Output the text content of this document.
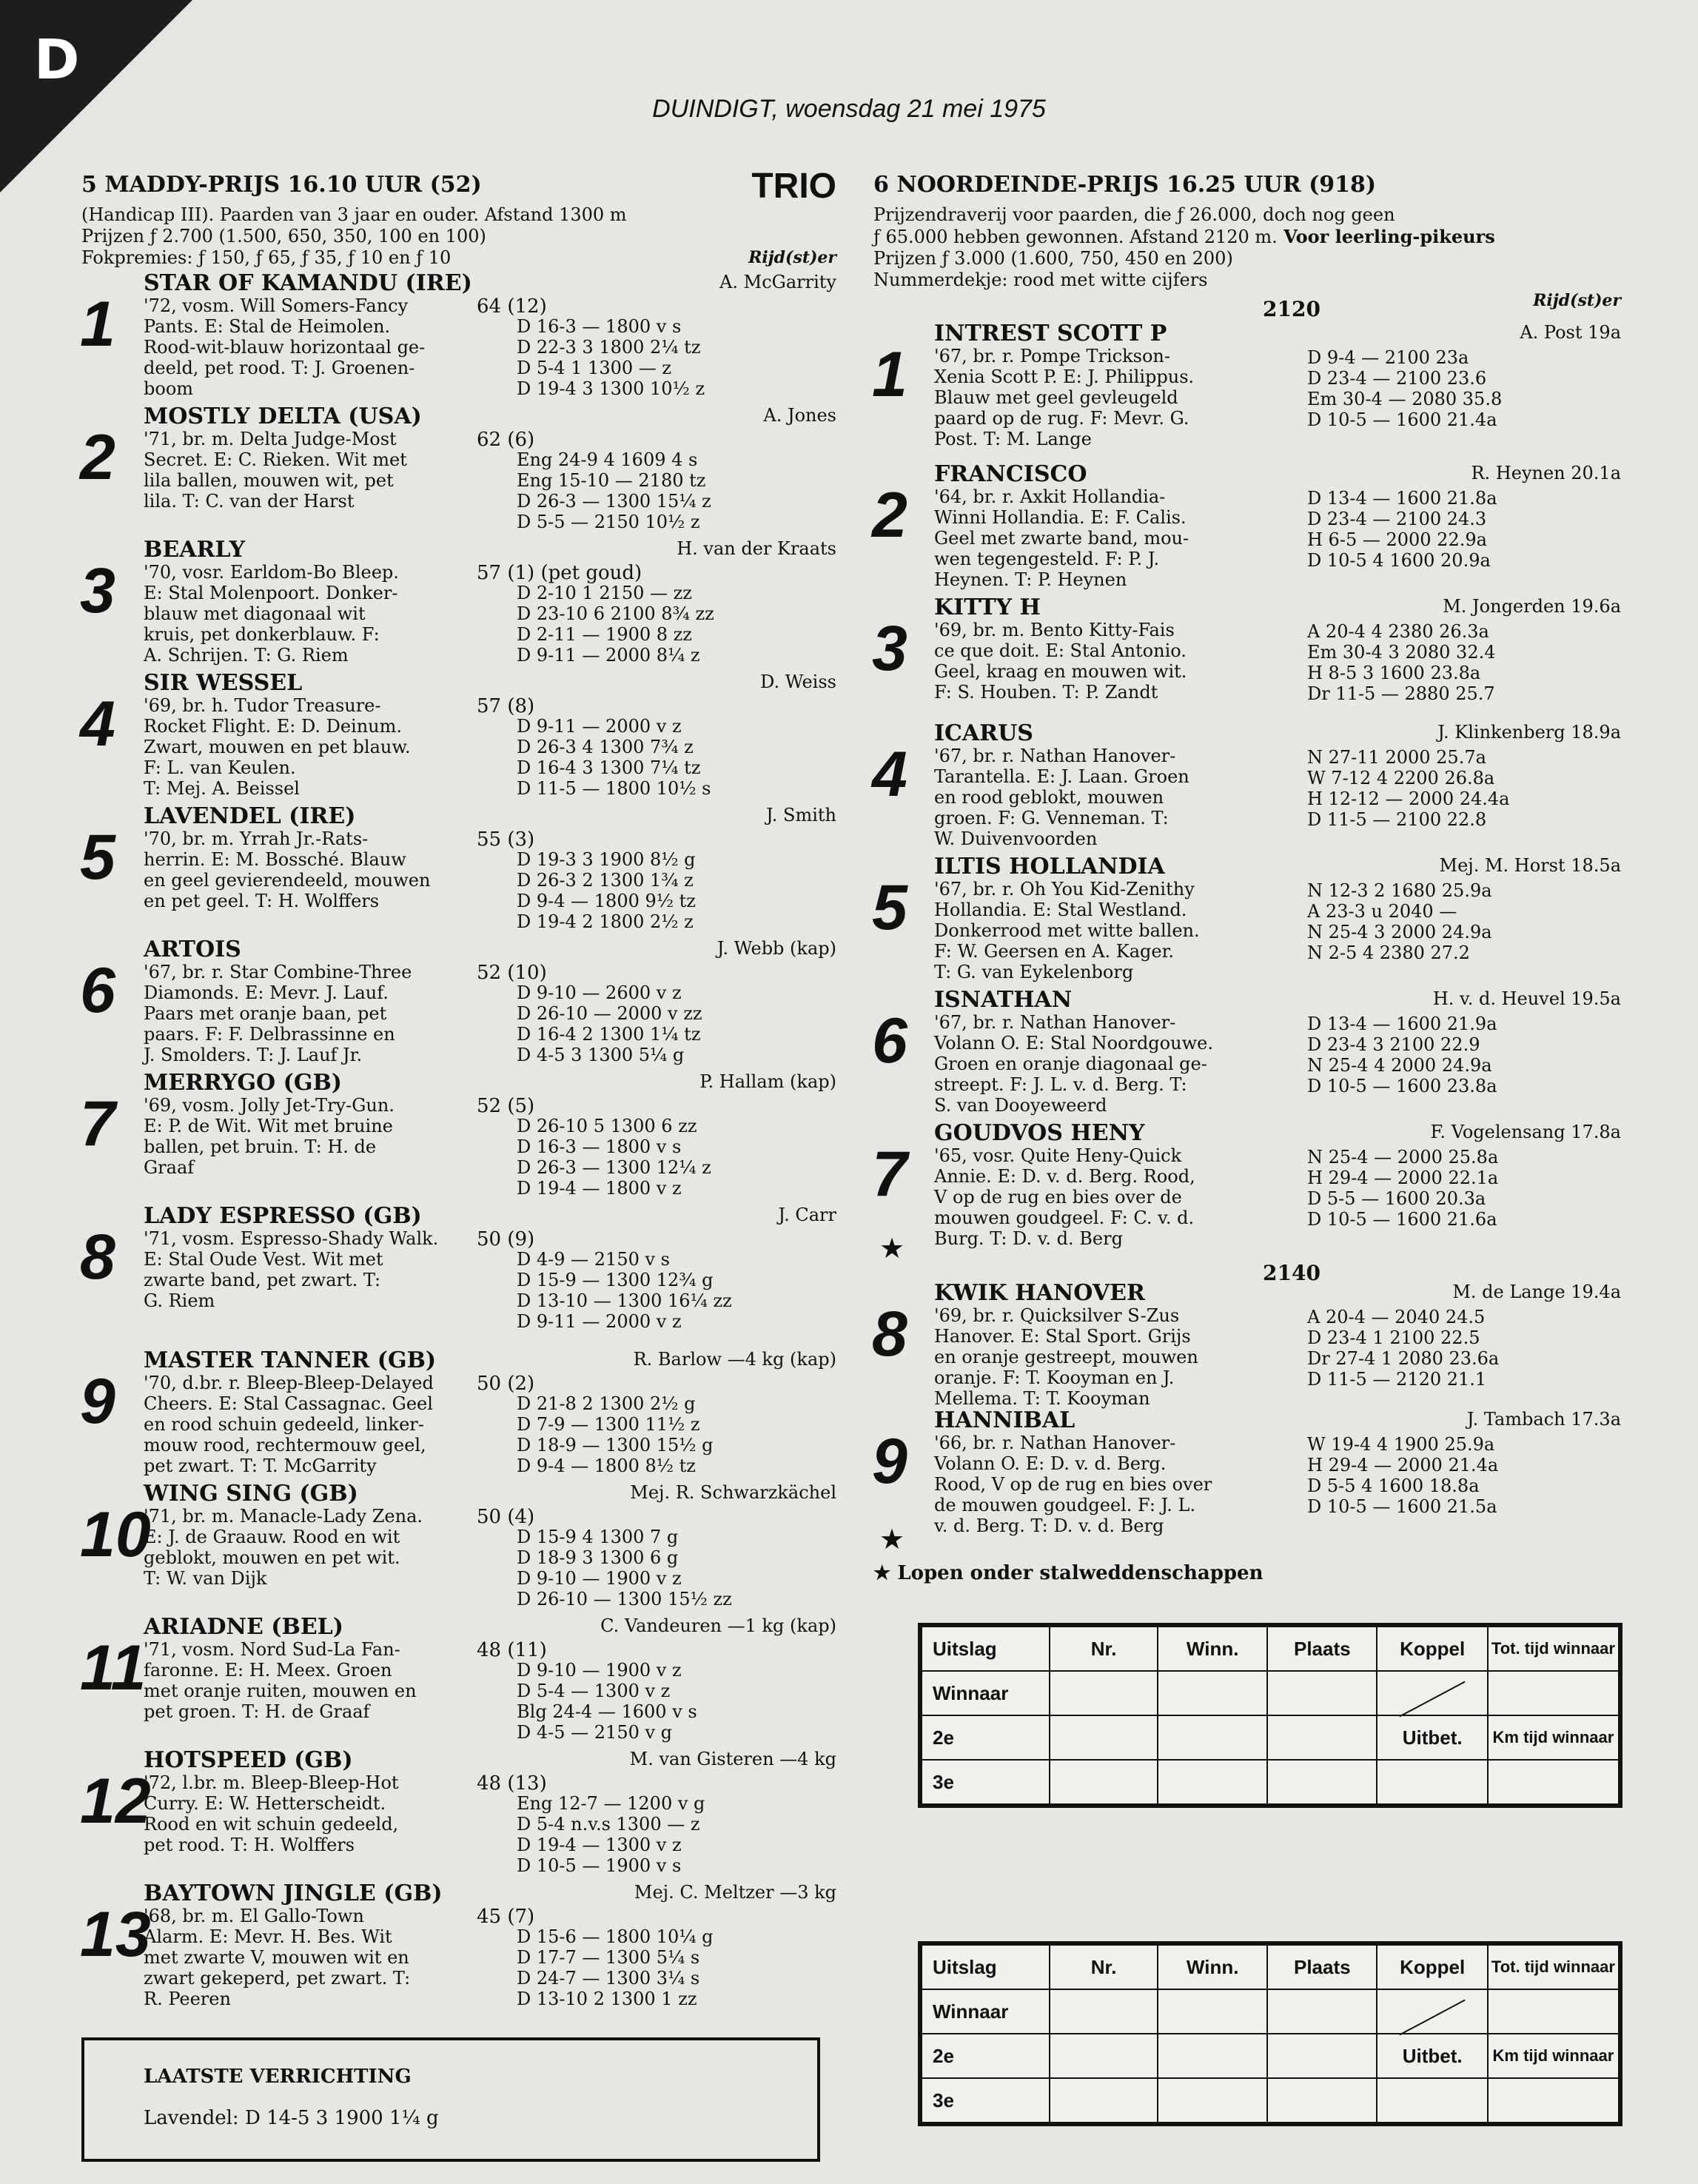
D
DUINDIGT, woensdag 21 mei 1975
5 MADDY-PRIJS 16.10 UUR (52)	TRIO
(Handicap III). Paarden van 3 jaar en ouder. Afstand 1300 m
Prijzen ƒ 2.700 (1.500, 650, 350, 100 en 100)
Fokpremies: ƒ 150, ƒ 65, ƒ 35, ƒ 10 en ƒ 10	Rijd(st)er
1
STAR OF KAMANDU (IRE)	A. McGarrity
'72, vosm. Will Somers-Fancy
Pants. E: Stal de Heimolen.
Rood-wit-blauw horizontaal ge-
deeld, pet rood. T: J. Groenen-
boom
64 (12)
D 16-3 — 1800 v s
D 22-3 3 1800 2¼ tz
D 5-4 1 1300 — z
D 19-4 3 1300 10½ z
2
MOSTLY DELTA (USA)	A. Jones
'71, br. m. Delta Judge-Most
Secret. E: C. Rieken. Wit met
lila ballen, mouwen wit, pet
lila. T: C. van der Harst
62 (6)
Eng 24-9 4 1609 4 s
Eng 15-10 — 2180 tz
D 26-3 — 1300 15¼ z
D 5-5 — 2150 10½ z
3
BEARLY	H. van der Kraats
'70, vosr. Earldom-Bo Bleep.
E: Stal Molenpoort. Donker-
blauw met diagonaal wit
kruis, pet donkerblauw. F:
A. Schrijen. T: G. Riem
57 (1) (pet goud)
D 2-10 1 2150 — zz
D 23-10 6 2100 8¾ zz
D 2-11 — 1900 8 zz
D 9-11 — 2000 8¼ z
4
SIR WESSEL	D. Weiss
'69, br. h. Tudor Treasure-
Rocket Flight. E: D. Deinum.
Zwart, mouwen en pet blauw.
F: L. van Keulen.
T: Mej. A. Beissel
57 (8)
D 9-11 — 2000 v z
D 26-3 4 1300 7¾ z
D 16-4 3 1300 7¼ tz
D 11-5 — 1800 10½ s
5
LAVENDEL (IRE)	J. Smith
'70, br. m. Yrrah Jr.-Rats-
herrin. E: M. Bossché. Blauw
en geel gevierendeeld, mouwen
en pet geel. T: H. Wolffers
55 (3)
D 19-3 3 1900 8½ g
D 26-3 2 1300 1¾ z
D 9-4 — 1800 9½ tz
D 19-4 2 1800 2½ z
6
ARTOIS	J. Webb (kap)
'67, br. r. Star Combine-Three
Diamonds. E: Mevr. J. Lauf.
Paars met oranje baan, pet
paars. F: F. Delbrassinne en
J. Smolders. T: J. Lauf Jr.
52 (10)
D 9-10 — 2600 v z
D 26-10 — 2000 v zz
D 16-4 2 1300 1¼ tz
D 4-5 3 1300 5¼ g
7
MERRYGO (GB)	P. Hallam (kap)
'69, vosm. Jolly Jet-Try-Gun.
E: P. de Wit. Wit met bruine
ballen, pet bruin. T: H. de
Graaf
52 (5)
D 26-10 5 1300 6 zz
D 16-3 — 1800 v s
D 26-3 — 1300 12¼ z
D 19-4 — 1800 v z
8
LADY ESPRESSO (GB)	J. Carr
'71, vosm. Espresso-Shady Walk.
E: Stal Oude Vest. Wit met
zwarte band, pet zwart. T:
G. Riem
50 (9)
D 4-9 — 2150 v s
D 15-9 — 1300 12¾ g
D 13-10 — 1300 16¼ zz
D 9-11 — 2000 v z
9
MASTER TANNER (GB)	R. Barlow —4 kg (kap)
'70, d.br. r. Bleep-Bleep-Delayed
Cheers. E: Stal Cassagnac. Geel
en rood schuin gedeeld, linker-
mouw rood, rechtermouw geel,
pet zwart. T: T. McGarrity
50 (2)
D 21-8 2 1300 2½ g
D 7-9 — 1300 11½ z
D 18-9 — 1300 15½ g
D 9-4 — 1800 8½ tz
10
WING SING (GB)	Mej. R. Schwarzkächel
'71, br. m. Manacle-Lady Zena.
E: J. de Graauw. Rood en wit
geblokt, mouwen en pet wit.
T: W. van Dijk
50 (4)
D 15-9 4 1300 7 g
D 18-9 3 1300 6 g
D 9-10 — 1900 v z
D 26-10 — 1300 15½ zz
11
ARIADNE (BEL)	C. Vandeuren —1 kg (kap)
'71, vosm. Nord Sud-La Fan-
faronne. E: H. Meex. Groen
met oranje ruiten, mouwen en
pet groen. T: H. de Graaf
48 (11)
D 9-10 — 1900 v z
D 5-4 — 1300 v z
Blg 24-4 — 1600 v s
D 4-5 — 2150 v g
12
HOTSPEED (GB)	M. van Gisteren —4 kg
'72, l.br. m. Bleep-Bleep-Hot
Curry. E: W. Hetterscheidt.
Rood en wit schuin gedeeld,
pet rood. T: H. Wolffers
48 (13)
Eng 12-7 — 1200 v g
D 5-4 n.v.s 1300 — z
D 19-4 — 1300 v z
D 10-5 — 1900 v s
13
BAYTOWN JINGLE (GB)	Mej. C. Meltzer —3 kg
'68, br. m. El Gallo-Town
Alarm. E: Mevr. H. Bes. Wit
met zwarte V, mouwen wit en
zwart gekeperd, pet zwart. T:
R. Peeren
45 (7)
D 15-6 — 1800 10¼ g
D 17-7 — 1300 5¼ s
D 24-7 — 1300 3¼ s
D 13-10 2 1300 1 zz
LAATSTE VERRICHTING
Lavendel: D 14-5 3 1900 1¼ g
6 NOORDEINDE-PRIJS 16.25 UUR (918)
Prijzendraverij voor paarden, die ƒ 26.000, doch nog geen
ƒ 65.000 hebben gewonnen. Afstand 2120 m. Voor leerling-pikeurs
Prijzen ƒ 3.000 (1.600, 750, 450 en 200)
Nummerdekje: rood met witte cijfers
Rijd(st)er
2120
1
INTREST SCOTT P	A. Post 19a
'67, br. r. Pompe Trickson-
Xenia Scott P. E: J. Philippus.
Blauw met geel gevleugeld
paard op de rug. F: Mevr. G.
Post. T: M. Lange
D 9-4 — 2100 23a
D 23-4 — 2100 23.6
Em 30-4 — 2080 35.8
D 10-5 — 1600 21.4a
2
FRANCISCO	R. Heynen 20.1a
'64, br. r. Axkit Hollandia-
Winni Hollandia. E: F. Calis.
Geel met zwarte band, mou-
wen tegengesteld. F: P. J.
Heynen. T: P. Heynen
D 13-4 — 1600 21.8a
D 23-4 — 2100 24.3
H 6-5 — 2000 22.9a
D 10-5 4 1600 20.9a
3
KITTY H	M. Jongerden 19.6a
'69, br. m. Bento Kitty-Fais
ce que doit. E: Stal Antonio.
Geel, kraag en mouwen wit.
F: S. Houben. T: P. Zandt
A 20-4 4 2380 26.3a
Em 30-4 3 2080 32.4
H 8-5 3 1600 23.8a
Dr 11-5 — 2880 25.7
4
ICARUS	J. Klinkenberg 18.9a
'67, br. r. Nathan Hanover-
Tarantella. E: J. Laan. Groen
en rood geblokt, mouwen
groen. F: G. Venneman. T:
W. Duivenvoorden
N 27-11 2000 25.7a
W 7-12 4 2200 26.8a
H 12-12 — 2000 24.4a
D 11-5 — 2100 22.8
5
ILTIS HOLLANDIA	Mej. M. Horst 18.5a
'67, br. r. Oh You Kid-Zenithy
Hollandia. E: Stal Westland.
Donkerrood met witte ballen.
F: W. Geersen en A. Kager.
T: G. van Eykelenborg
N 12-3 2 1680 25.9a
A 23-3 u 2040 —
N 25-4 3 2000 24.9a
N 2-5 4 2380 27.2
6
ISNATHAN	H. v. d. Heuvel 19.5a
'67, br. r. Nathan Hanover-
Volann O. E: Stal Noordgouwe.
Groen en oranje diagonaal ge-
streept. F: J. L. v. d. Berg. T:
S. van Dooyeweerd
D 13-4 — 1600 21.9a
D 23-4 3 2100 22.9
N 25-4 4 2000 24.9a
D 10-5 — 1600 23.8a
7
★
GOUDVOS HENY	F. Vogelensang 17.8a
'65, vosr. Quite Heny-Quick
Annie. E: D. v. d. Berg. Rood,
V op de rug en bies over de
mouwen goudgeel. F: C. v. d.
Burg. T: D. v. d. Berg
N 25-4 — 2000 25.8a
H 29-4 — 2000 22.1a
D 5-5 — 1600 20.3a
D 10-5 — 1600 21.6a
2140
8
KWIK HANOVER	M. de Lange 19.4a
'69, br. r. Quicksilver S-Zus
Hanover. E: Stal Sport. Grijs
en oranje gestreept, mouwen
oranje. F: T. Kooyman en J.
Mellema. T: T. Kooyman
A 20-4 — 2040 24.5
D 23-4 1 2100 22.5
Dr 27-4 1 2080 23.6a
D 11-5 — 2120 21.1
9
★
HANNIBAL	J. Tambach 17.3a
'66, br. r. Nathan Hanover-
Volann O. E: D. v. d. Berg.
Rood, V op de rug en bies over
de mouwen goudgeel. F: J. L.
v. d. Berg. T: D. v. d. Berg
W 19-4 4 1900 25.9a
H 29-4 — 2000 21.4a
D 5-5 4 1600 18.8a
D 10-5 — 1600 21.5a
★ Lopen onder stalweddenschappen
Uitslag	Nr.	Winn.	Plaats	Koppel	Tot. tijd winnaar
Winnaar					
2e				Uitbet.	Km tijd winnaar
3e					
Uitslag	Nr.	Winn.	Plaats	Koppel	Tot. tijd winnaar
Winnaar					
2e				Uitbet.	Km tijd winnaar
3e					
